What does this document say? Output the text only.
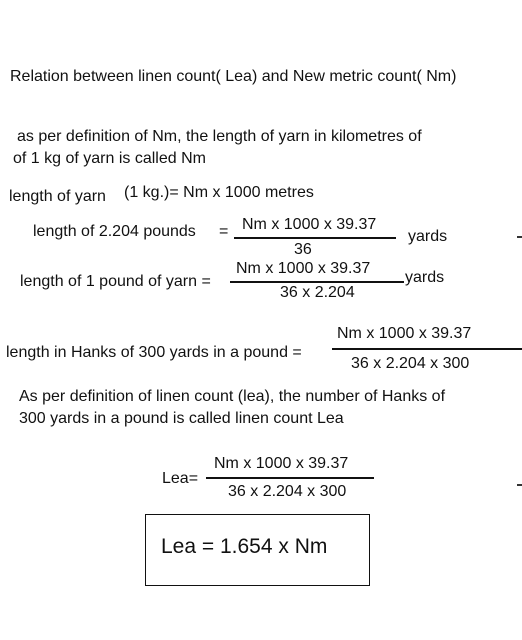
Relation between linen count( Lea) and New metric count( Nm)
as per definition of Nm, the length of yarn in kilometres of
of 1 kg of yarn is called Nm
length of yarn (1 kg.)= Nm x 1000 metres
length of 2.204 pounds = Nm x 1000 x 39.37
36
yards
length of 1 pound of yarn =
Nm x 1000 x 39.37
36 x 2.204
yards
length in Hanks of 300 yards in a pound =
Nm x 1000 x 39.37
36 x 2.204 x 300
As per definition of linen count (lea), the number of Hanks of
300 yards in a pound is called linen count Lea
Lea=
Nm x 1000 x 39.37
36 x 2.204 x 300
Lea = 1.654 x Nm
